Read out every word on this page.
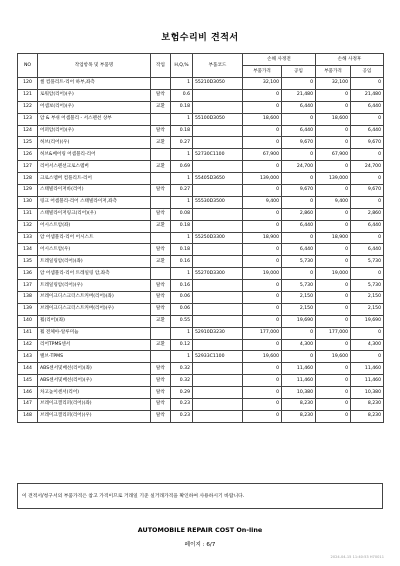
보험수리비 견적서
NO	작업항목 및 부품명	작업	H,Q,%	부품코드	손해 사정전		손해 사정후	
					부품가격	공임	부품가격	공임
120	씰 컴플리트-리어 하부,좌측		1	55210D3050	32,100	0	32,100	0
121	로워암(리어)(우)	탈착	0.6		0	21,480	0	21,480
122	어셈보(리어)(우)	교환	0.18		0	6,440	0	6,440
123	암 & 부쉬 어셈블리 - 서스펜션 상부		1	55100D3050	18,600	0	18,600	0
124	어퍼암(리어)(우)	탈착	0.18		0	6,440	0	6,440
125	허브(리어)(우)	교환	0.27		0	9,670	0	9,670
126	허브&베어링 어셈블리-리어		1	52730C1100	67,900	0	67,900	0
127	리어서스펜션크로스멤버	교환	0.69		0	24,700	0	24,700
128	크로스멤버 컴플리트-리어		1	55405D3650	139,000	0	139,000	0
129	스태빌라이저바(리어)	탈착	0.27		0	9,670	0	9,670
130	링크 어셈블리-리어 스태빌라이저,좌측		1	55530D3500	9,400	0	9,400	0
131	스태빌라이저링크(리어)(우)	탈착	0.08		0	2,860	0	2,860
132	어시스트암(좌)	교환	0.18		0	6,440	0	6,440
133	암 어셈블리-리어 어시스트		1	55250D3300	18,900	0	18,900	0
134	어시스트암(우)	탈착	0.18		0	6,440	0	6,440
135	트레일링암(리어)(좌)	교환	0.16		0	5,730	0	5,730
136	암 어셈블리-리어 트레일링 암,좌측		1	55270D3300	19,000	0	19,000	0
137	트레일링암(리어)(우)	탈착	0.16		0	5,730	0	5,730
138	브레이크디스크더스트커버(리어)(좌)	탈착	0.06		0	2,150	0	2,150
139	브레이크디스크더스트커버(리어)(우)	탈착	0.06		0	2,150	0	2,150
140	휠(리어)(좌)	교환	0.55		0	19,690	0	19,690
141	휠 전체아-알루미늄		1	52910D3230	177,000	0	177,000	0
142	리어TPMS센서	교환	0.12		0	4,300	0	4,300
143	밸브-TPMS		1	52933C1100	19,600	0	19,600	0
144	ABS센서및배선(리어)(좌)	탈착	0.32		0	11,460	0	11,460
145	ABS센서및배선(리어)(우)	탈착	0.32		0	11,460	0	11,460
146	차고높이센서(리어)	탈착	0.29		0	10,380	0	10,380
147	브레이크캘리퍼(리어)(좌)	탈착	0.23		0	8,230	0	8,230
148	브레이크캘리퍼(리어)(우)	탈착	0.23		0	8,230	0	8,230
이 견적서/청구서의 부품가격은 참고 가격이므로 거래일 기준 실거래가격을 확인하여 사용하시기 바랍니다.
AUTOMOBILE REPAIR COST On-line
페이지 : 6/7
2024-04-15 11:40:53 H70011
